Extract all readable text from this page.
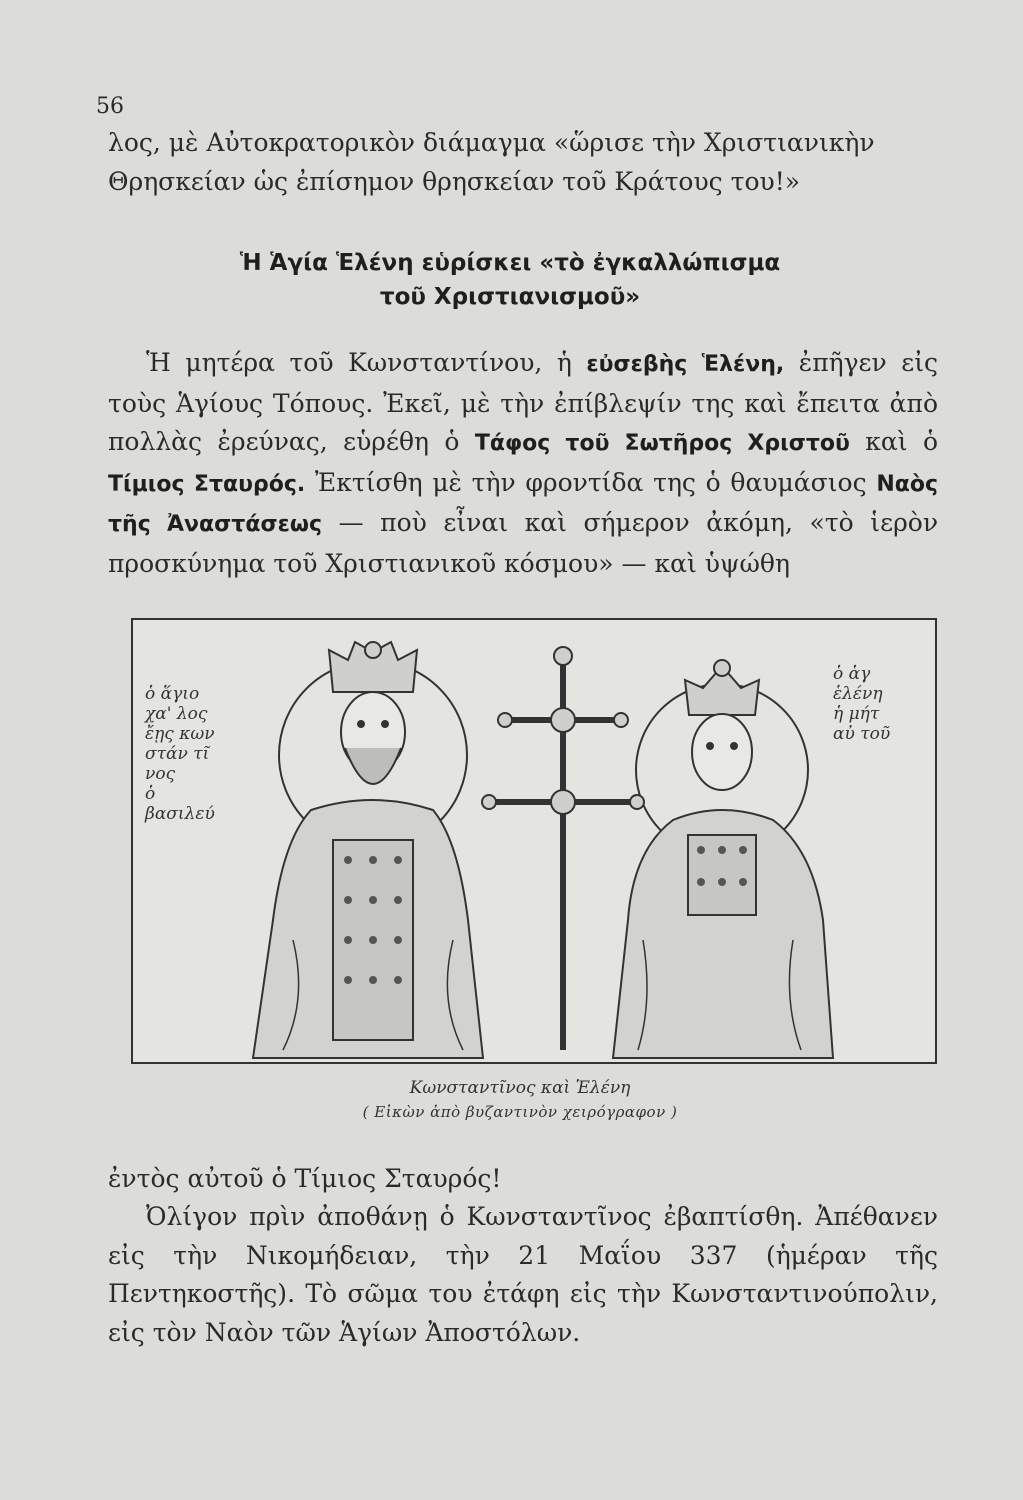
56

λος, μὲ Αὐτοκρατορικὸν διάμαγμα «ὥρισε τὴν Χριστιανικὴν
Θρησκείαν ὡς ἐπίσημον θρησκείαν τοῦ Κράτους του!»

Ἡ Ἁγία Ἑλένη εὑρίσκει «τὸ ἐγκαλλώπισμα
τοῦ Χριστιανισμοῦ»

Ἡ μητέρα τοῦ Κωνσταντίνου, ἡ εὐσεβὴς Ἑλένη, ἐπῆγεν εἰς τοὺς Ἁγίους Τόπους. Ἐκεῖ, μὲ τὴν ἐπίβλεψίν της καὶ ἔπειτα ἀπὸ πολλὰς ἐρεύνας, εὑρέθη ὁ Τάφος τοῦ Σωτῆρος Χριστοῦ καὶ ὁ Τίμιος Σταυρός. Ἐκτίσθη μὲ τὴν φροντίδα της ὁ θαυμάσιος Ναὸς τῆς Ἀναστάσεως — ποὺ εἶναι καὶ σήμερον ἀκόμη, «τὸ ἱερὸν προσκύνημα τοῦ Χριστιανικοῦ κόσμου» — καὶ ὑψώθη

ὁ ἅγιο
χα' λος
ἔῃς κων
στάν τῖ
νος
ὁ
βασιλεύ
ὁ ἁγ
ἑλένη
ἡ μήτ
αὐ τοῦ
Κωνσταντῖνος καὶ Ἑλένη
( Εἰκὼν ἀπὸ βυζαντινὸν χειρόγραφον )

ἐντὸς αὐτοῦ ὁ Τίμιος Σταυρός!

Ὀλίγον πρὶν ἀποθάνῃ ὁ Κωνσταντῖνος ἐβαπτίσθη. Ἀπέθανεν εἰς τὴν Νικομήδειαν, τὴν 21 Μαΐου 337 (ἡμέραν τῆς Πεντηκοστῆς). Τὸ σῶμα του ἐτάφη εἰς τὴν Κωνσταντινούπολιν, εἰς τὸν Ναὸν τῶν Ἁγίων Ἀποστόλων.
